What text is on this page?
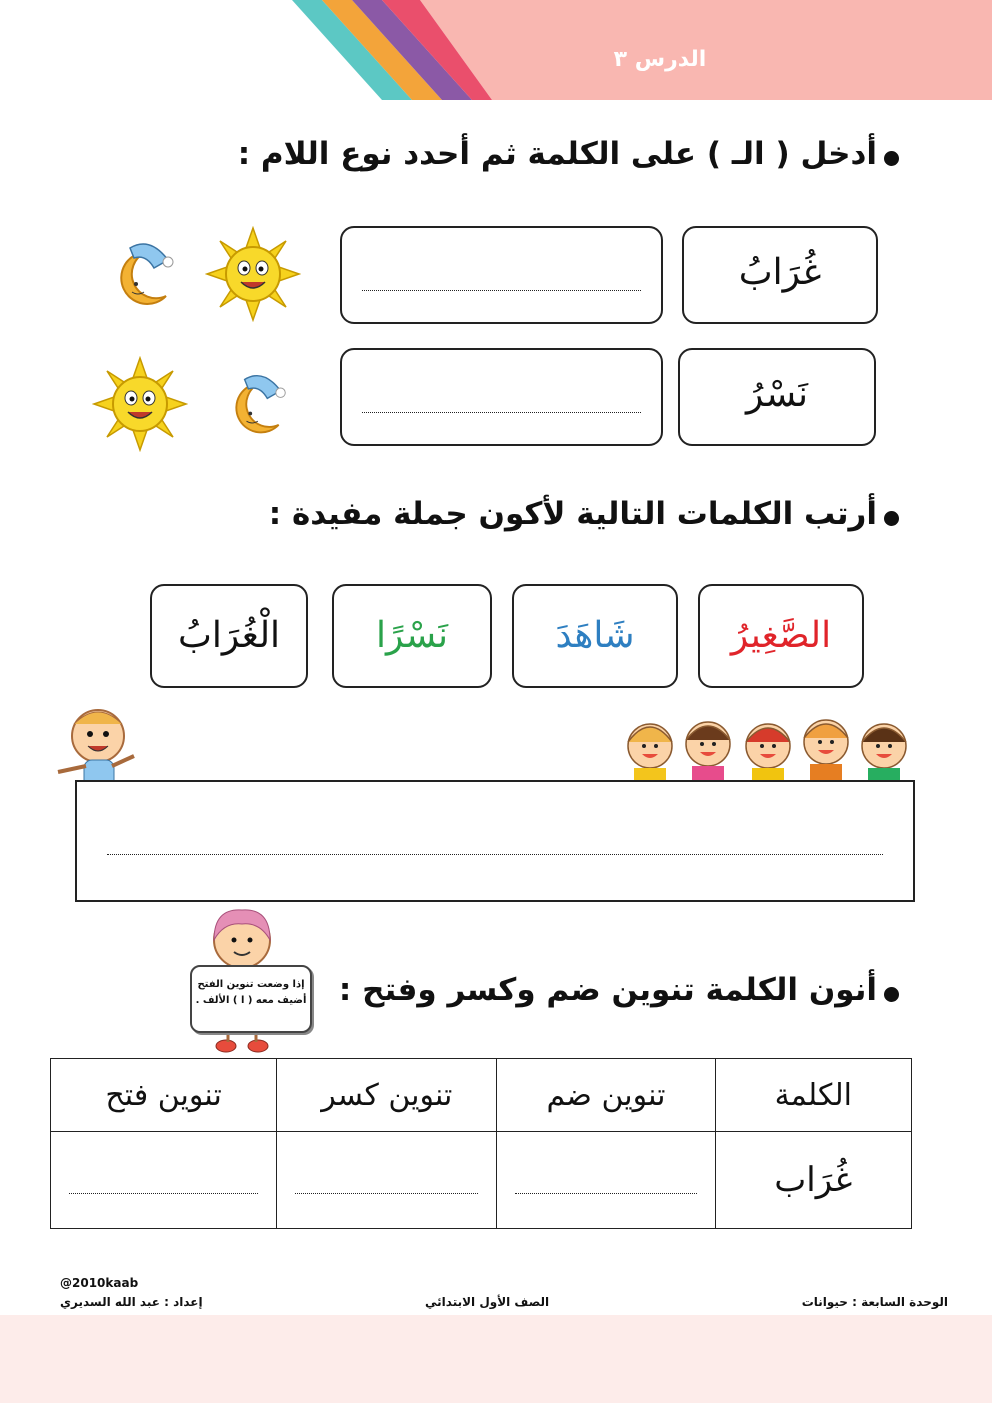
الدرس ٣
أدخل ( الـ ) على الكلمة ثم أحدد نوع اللام :
غُرَابُ
نَسْرُ
أرتب الكلمات التالية لأكون جملة مفيدة :
الصَّغِيرُ
شَاهَدَ
نَسْرًا
الْغُرَابُ
إذا وضعت تنوين الفتح
أضيف معه ( ا ) الألف . أنون الكلمة تنوين ضم وكسر وفتح :
الكلمة	تنوين ضم	تنوين كسر	تنوين فتح
غُرَاب	

@2010kaab
إعداد : عبد الله السديري	الصف الأول الابتدائي	الوحدة السابعة : حيوانات
